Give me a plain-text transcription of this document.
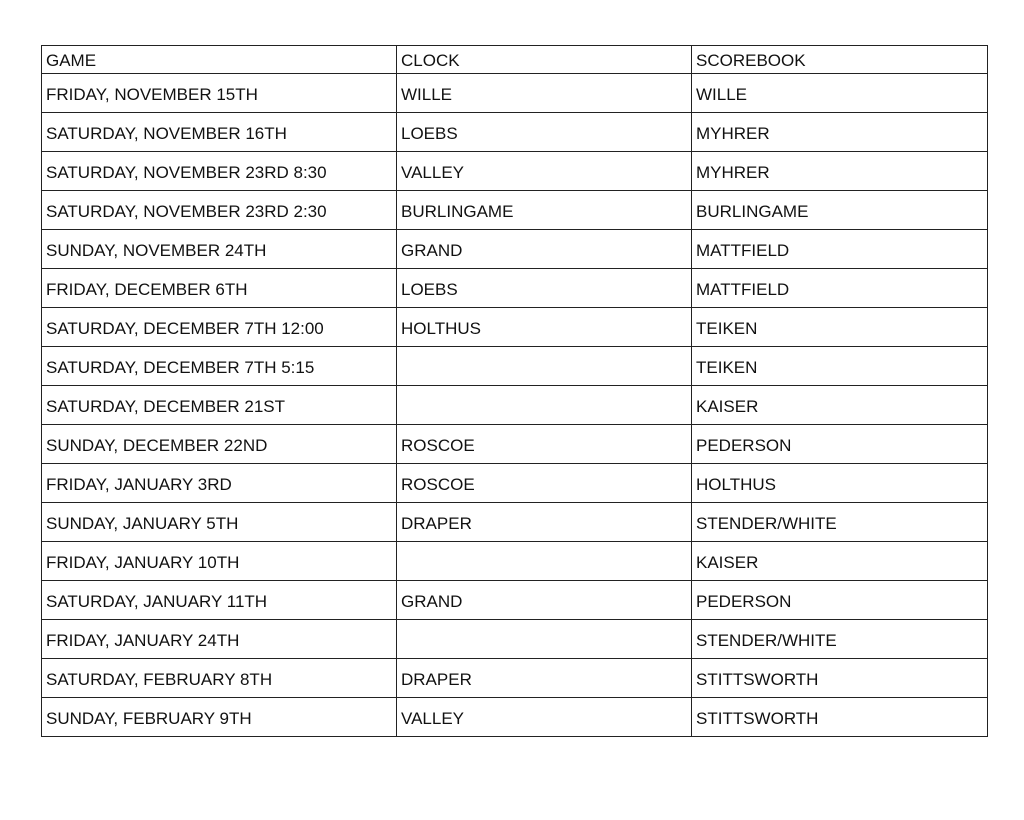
GAME	CLOCK	SCOREBOOK
FRIDAY, NOVEMBER 15TH	WILLE	WILLE
SATURDAY, NOVEMBER 16TH	LOEBS	MYHRER
SATURDAY, NOVEMBER 23RD 8:30	VALLEY	MYHRER
SATURDAY, NOVEMBER 23RD 2:30	BURLINGAME	BURLINGAME
SUNDAY, NOVEMBER 24TH	GRAND	MATTFIELD
FRIDAY, DECEMBER 6TH	LOEBS	MATTFIELD
SATURDAY, DECEMBER 7TH 12:00	HOLTHUS	TEIKEN
SATURDAY, DECEMBER 7TH 5:15		TEIKEN
SATURDAY, DECEMBER 21ST		KAISER
SUNDAY, DECEMBER 22ND	ROSCOE	PEDERSON
FRIDAY, JANUARY 3RD	ROSCOE	HOLTHUS
SUNDAY, JANUARY 5TH	DRAPER	STENDER/WHITE
FRIDAY, JANUARY 10TH		KAISER
SATURDAY, JANUARY 11TH	GRAND	PEDERSON
FRIDAY, JANUARY 24TH		STENDER/WHITE
SATURDAY, FEBRUARY 8TH	DRAPER	STITTSWORTH
SUNDAY, FEBRUARY 9TH	VALLEY	STITTSWORTH
